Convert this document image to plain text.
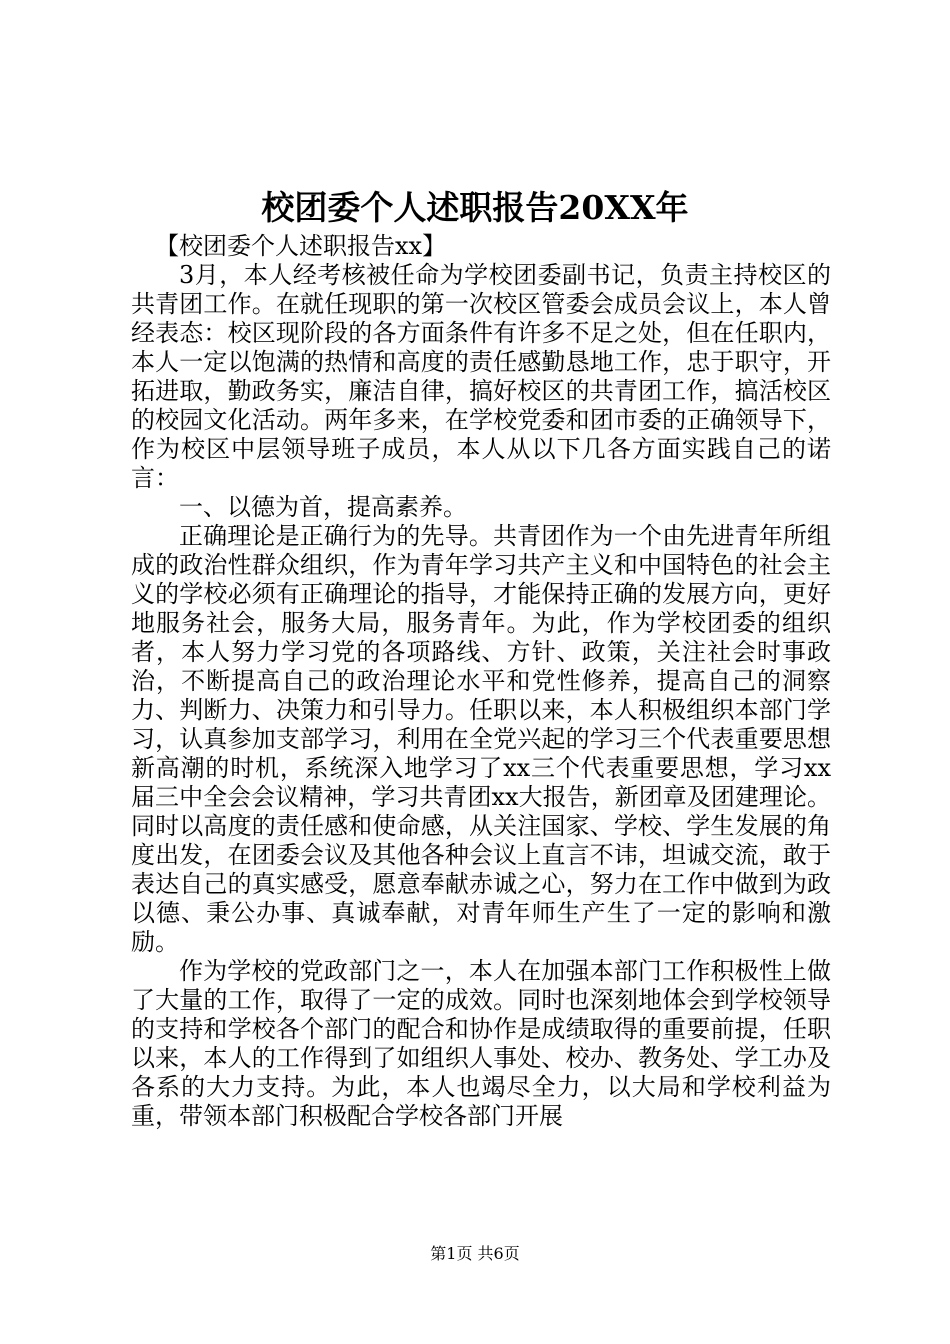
校团委个人述职报告20XX年

【校团委个人述职报告xx】

3月，本人经考核被任命为学校团委副书记，负责主持校区的共青团工作。在就任现职的第一次校区管委会成员会议上，本人曾经表态：校区现阶段的各方面条件有许多不足之处，但在任职内，本人一定以饱满的热情和高度的责任感勤恳地工作，忠于职守，开拓进取，勤政务实，廉洁自律，搞好校区的共青团工作，搞活校区的校园文化活动。两年多来，在学校党委和团市委的正确领导下，作为校区中层领导班子成员，本人从以下几各方面实践自己的诺言：

一、以德为首，提高素养。

正确理论是正确行为的先导。共青团作为一个由先进青年所组成的政治性群众组织，作为青年学习共产主义和中国特色的社会主义的学校必须有正确理论的指导，才能保持正确的发展方向，更好地服务社会，服务大局，服务青年。为此，作为学校团委的组织者，本人努力学习党的各项路线、方针、政策，关注社会时事政治，不断提高自己的政治理论水平和党性修养，提高自己的洞察力、判断力、决策力和引导力。任职以来，本人积极组织本部门学习，认真参加支部学习，利用在全党兴起的学习三个代表重要思想新高潮的时机，系统深入地学习了xx三个代表重要思想，学习xx届三中全会会议精神，学习共青团xx大报告，新团章及团建理论。同时以高度的责任感和使命感，从关注国家、学校、学生发展的角度出发，在团委会议及其他各种会议上直言不讳，坦诚交流，敢于表达自己的真实感受，愿意奉献赤诚之心，努力在工作中做到为政以德、秉公办事、真诚奉献，对青年师生产生了一定的影响和激励。

作为学校的党政部门之一，本人在加强本部门工作积极性上做了大量的工作，取得了一定的成效。同时也深刻地体会到学校领导的支持和学校各个部门的配合和协作是成绩取得的重要前提，任职以来，本人的工作得到了如组织人事处、校办、教务处、学工办及各系的大力支持。为此，本人也竭尽全力，以大局和学校利益为重，带领本部门积极配合学校各部门开展

第1页 共6页
